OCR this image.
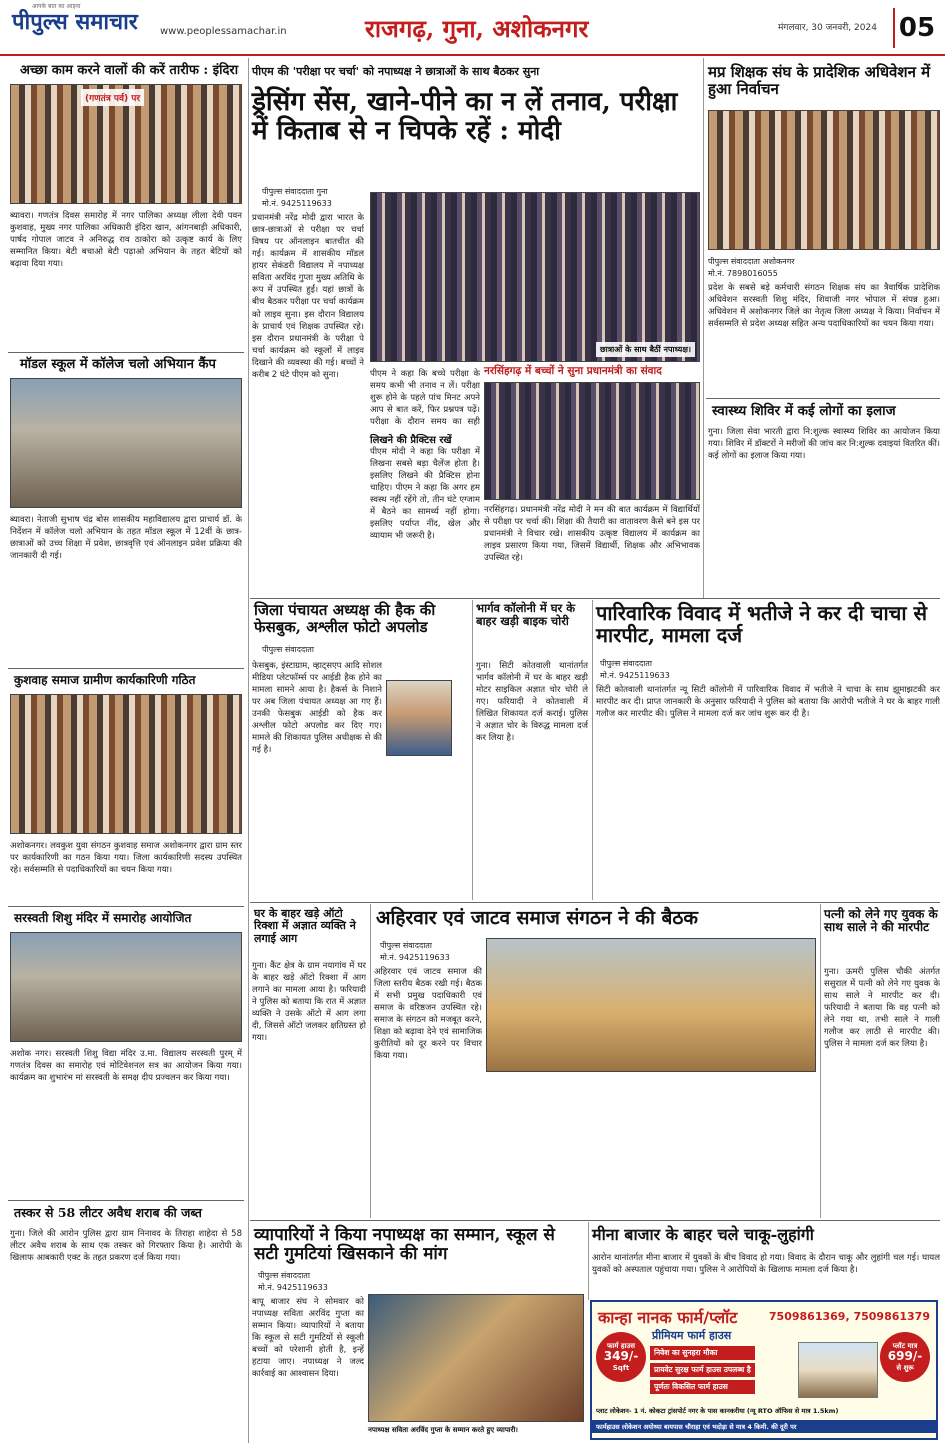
आपके बात का आइना
पीपुल्स समाचार www.peoplessamachar.in	राजगढ़, गुना, अशोकनगर	मंगलवार, 30 जनवरी, 2024 05
अच्छा काम करने वालों की करें तारीफ : इंदिरा
(गणतंत्र पर्व) पर
ब्यावरा। गणतंत्र दिवस समारोह में नगर पालिका अध्यक्ष लीला देवी पवन कुशवाह, मुख्य नगर पालिका अधिकारी इंदिरा खान, आंगनबाड़ी अधिकारी, पार्षद गोपाल जाटव ने अनिरुद्ध राव ठाकोरा को उत्कृष्ट कार्य के लिए सम्मानित किया। बेटी बचाओ बेटी पढ़ाओ अभियान के तहत बेटियों को बढ़ावा दिया गया।
मॉडल स्कूल में कॉलेज चलो अभियान कैंप
ब्यावरा। नेताजी सुभाष चंद्र बोस शासकीय महाविद्यालय द्वारा प्राचार्य डॉ. के निर्देशन में कॉलेज चलो अभियान के तहत मॉडल स्कूल में 12वीं के छात्र-छात्राओं को उच्च शिक्षा में प्रवेश, छात्रवृत्ति एवं ऑनलाइन प्रवेश प्रक्रिया की जानकारी दी गई।
कुशवाह समाज ग्रामीण कार्यकारिणी गठित
अशोकनगर। लवकुश युवा संगठन कुशवाह समाज अशोकनगर द्वारा ग्राम स्तर पर कार्यकारिणी का गठन किया गया। जिला कार्यकारिणी सदस्य उपस्थित रहे। सर्वसम्मति से पदाधिकारियों का चयन किया गया।
सरस्वती शिशु मंदिर में समारोह आयोजित
अशोक नगर। सरस्वती शिशु विद्या मंदिर उ.मा. विद्यालय सरस्वती पुरम् में गणतंत्र दिवस का समारोह एवं मोटिवेशनल सत्र का आयोजन किया गया। कार्यक्रम का शुभारंभ मां सरस्वती के समक्ष दीप प्रज्वलन कर किया गया।
तस्कर से 58 लीटर अवैध शराब की जब्त
गुना। जिले की आरोन पुलिस द्वारा ग्राम निनावद के तिराहा शाहेदा से 58 लीटर अवैध शराब के साथ एक तस्कर को गिरफ्तार किया है। आरोपी के खिलाफ आबकारी एक्ट के तहत प्रकरण दर्ज किया गया।
पीएम की 'परीक्षा पर चर्चा' को नपाध्यक्ष ने छात्राओं के साथ बैठकर सुना
ड्रेसिंग सेंस, खाने-पीने का न लें तनाव, परीक्षा में किताब से न चिपके रहें : मोदी
पीपुल्स संवाददाता गुना
मो.नं. 9425119633
प्रधानमंत्री नरेंद्र मोदी द्वारा भारत के छात्र-छात्राओं से परीक्षा पर चर्चा विषय पर ऑनलाइन बातचीत की गई। कार्यक्रम में शासकीय मॉडल हायर सेकंडरी विद्यालय में नपाध्यक्ष सविता अरविंद गुप्ता मुख्य अतिथि के रूप में उपस्थित हुईं। यहां छात्रों के बीच बैठकर परीक्षा पर चर्चा कार्यक्रम को लाइव सुना। इस दौरान विद्यालय के प्राचार्य एवं शिक्षक उपस्थित रहे। इस दौरान प्रधानमंत्री के परीक्षा पे चर्चा कार्यक्रम को स्कूलों में लाइव दिखाने की व्यवस्था की गई। बच्चों ने करीब 2 घंटे पीएम को सुना।
छात्राओं के साथ बैठीं नपाध्यक्ष।
पीएम ने कहा कि बच्चे परीक्षा के समय कभी भी तनाव न लें। परीक्षा शुरू होने के पहले पांच मिनट अपने आप से बात करें, फिर प्रश्नपत्र पढ़ें। परीक्षा के दौरान समय का सही
लिखने की प्रैक्टिस रखें
पीएम मोदी ने कहा कि परीक्षा में लिखना सबसे बड़ा चैलेंज होता है। इसलिए लिखने की प्रैक्टिस होना चाहिए। पीएम ने कहा कि अगर हम स्वस्थ नहीं रहेंगे तो, तीन घंटे एग्जाम में बैठने का सामर्थ्य नहीं होगा। इसलिए पर्याप्त नींद, खेल और व्यायाम भी जरूरी है।
नरसिंहगढ़ में बच्चों ने सुना प्रधानमंत्री का संवाद
नरसिंहगढ़। प्रधानमंत्री नरेंद्र मोदी ने मन की बात कार्यक्रम में विद्यार्थियों से परीक्षा पर चर्चा की। शिक्षा की तैयारी का वातावरण कैसे बने इस पर प्रधानमंत्री ने विचार रखे। शासकीय उत्कृष्ट विद्यालय में कार्यक्रम का लाइव प्रसारण किया गया, जिसमें विद्यार्थी, शिक्षक और अभिभावक उपस्थित रहे।
मप्र शिक्षक संघ के प्रादेशिक अधिवेशन में हुआ निर्वाचन
पीपुल्स संवाददाता अशोकनगर
मो.नं. 7898016055
प्रदेश के सबसे बड़े कर्मचारी संगठन शिक्षक संघ का त्रैवार्षिक प्रादेशिक अधिवेशन सरस्वती शिशु मंदिर, शिवाजी नगर भोपाल में संपन्न हुआ। अधिवेशन में अशोकनगर जिले का नेतृत्व जिला अध्यक्ष ने किया। निर्वाचन में सर्वसम्मति से प्रदेश अध्यक्ष सहित अन्य पदाधिकारियों का चयन किया गया।
स्वास्थ्य शिविर में कई लोगों का इलाज
गुना। जिला सेवा भारती द्वारा नि:शुल्क स्वास्थ्य शिविर का आयोजन किया गया। शिविर में डॉक्टरों ने मरीजों की जांच कर नि:शुल्क दवाइयां वितरित कीं। कई लोगों का इलाज किया गया।
जिला पंचायत अध्यक्ष की हैक की फेसबुक, अश्लील फोटो अपलोड
पीपुल्स संवाददाता
फेसबुक, इंस्टाग्राम, व्हाट्सएप आदि सोशल मीडिया प्लेटफॉर्म्स पर आईडी हैक होने का मामला सामने आया है। हैकर्स के निशाने पर अब जिला पंचायत अध्यक्ष आ गए हैं। उनकी फेसबुक आईडी को हैक कर अश्लील फोटो अपलोड कर दिए गए। मामले की शिकायत पुलिस अधीक्षक से की गई है।
भार्गव कॉलोनी में घर के बाहर खड़ी बाइक चोरी
गुना। सिटी कोतवाली थानांतर्गत भार्गव कॉलोनी में घर के बाहर खड़ी मोटर साइकिल अज्ञात चोर चोरी ले गए। फरियादी ने कोतवाली में लिखित शिकायत दर्ज कराई। पुलिस ने अज्ञात चोर के विरुद्ध मामला दर्ज कर लिया है।
पारिवारिक विवाद में भतीजे ने कर दी चाचा से मारपीट, मामला दर्ज
पीपुल्स संवाददाता
मो.नं. 9425119633
सिटी कोतवाली थानांतर्गत न्यू सिटी कॉलोनी में पारिवारिक विवाद में भतीजे ने चाचा के साथ झूमाझटकी कर मारपीट कर दी। प्राप्त जानकारी के अनुसार फरियादी ने पुलिस को बताया कि आरोपी भतीजे ने घर के बाहर गाली गलौज कर मारपीट की। पुलिस ने मामला दर्ज कर जांच शुरू कर दी है।
घर के बाहर खड़े ऑटो रिक्शा में अज्ञात व्यक्ति ने लगाई आग
गुना। कैंट क्षेत्र के ग्राम नयागांव में घर के बाहर खड़े ऑटो रिक्शा में आग लगाने का मामला आया है। फरियादी ने पुलिस को बताया कि रात में अज्ञात व्यक्ति ने उसके ऑटो में आग लगा दी, जिससे ऑटो जलकर क्षतिग्रस्त हो गया।
अहिरवार एवं जाटव समाज संगठन ने की बैठक
पीपुल्स संवाददाता
मो.नं. 9425119633
अहिरवार एवं जाटव समाज की जिला स्तरीय बैठक रखी गई। बैठक में सभी प्रमुख पदाधिकारी एवं समाज के वरिष्ठजन उपस्थित रहे। समाज के संगठन को मजबूत करने, शिक्षा को बढ़ावा देने एवं सामाजिक कुरीतियों को दूर करने पर विचार किया गया।
पत्नी को लेने गए युवक के साथ साले ने की मारपीट
गुना। ऊमरी पुलिस चौकी अंतर्गत ससुराल में पत्नी को लेने गए युवक के साथ साले ने मारपीट कर दी। फरियादी ने बताया कि वह पत्नी को लेने गया था, तभी साले ने गाली गलौज कर लाठी से मारपीट की। पुलिस ने मामला दर्ज कर लिया है।
व्यापारियों ने किया नपाध्यक्ष का सम्मान, स्कूल से सटी गुमटियां खिसकाने की मांग
पीपुल्स संवाददाता
मो.नं. 9425119633
बापू बाजार संघ ने सोमवार को नपाध्यक्ष सविता अरविंद गुप्ता का सम्मान किया। व्यापारियों ने बताया कि स्कूल से सटी गुमटियों से स्कूली बच्चों को परेशानी होती है, इन्हें हटाया जाए। नपाध्यक्ष ने जल्द कार्रवाई का आश्वासन दिया।
नपाध्यक्ष सविता अरविंद गुप्ता के सम्मान करते हुए व्यापारी।
मीना बाजार के बाहर चले चाकू-लुहांगी
आरोन थानांतर्गत मीना बाजार में युवकों के बीच विवाद हो गया। विवाद के दौरान चाकू और लुहांगी चल गई। घायल युवकों को अस्पताल पहुंचाया गया। पुलिस ने आरोपियों के खिलाफ मामला दर्ज किया है।
कान्हा नानक फार्म/प्लॉट	7509861369, 7509861379
प्रीमियम फार्म हाउस
निवेश का सुनहरा मौका
प्रायवेट सुरक्ष फार्म हाउस उपलब्ध है
पूर्णतः विकसित फार्म हाउस
फार्म हाउस
349/-
Sqft
प्लॉट मात्र
699/-
से शुरू
प्लाट लोकेशन- 1 नं. कोकटा ट्रांसपोर्ट नगर के पास कानकरीया (न्यू RTO ऑफिस से मात्र 1.5km)
फार्महाउस लोकेशन अयोध्या बायपास चौराहा एवं भदोड़ा से मात्र 4 किमी. की दूरी पर
